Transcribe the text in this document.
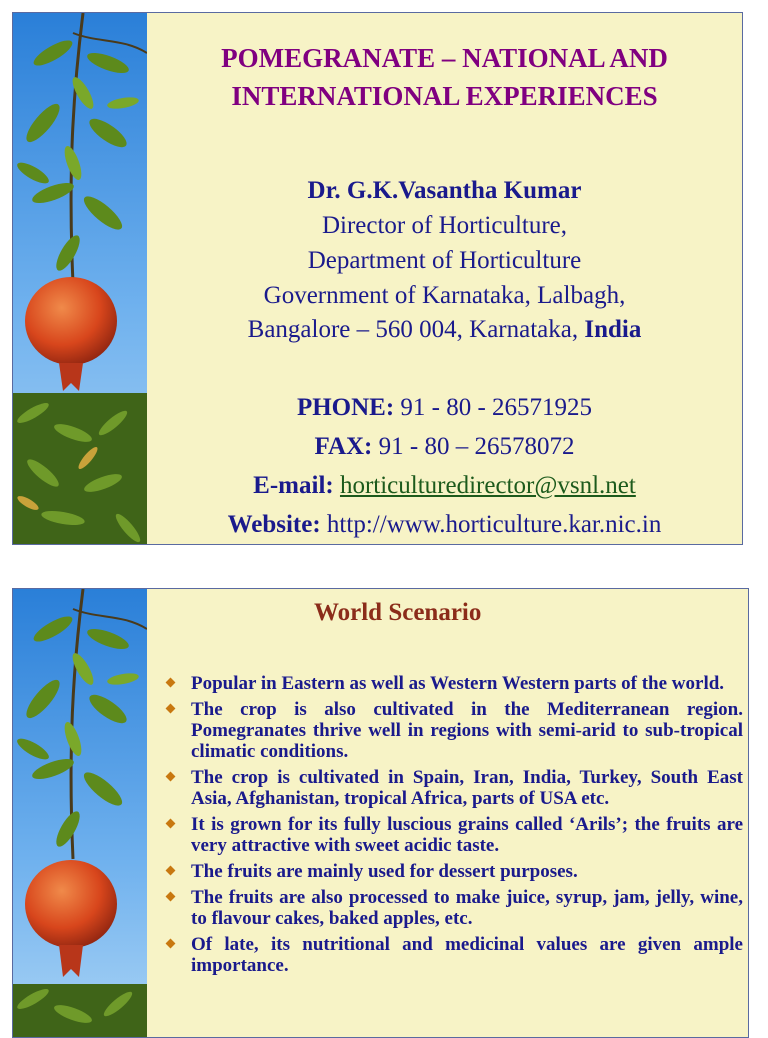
POMEGRANATE – NATIONAL AND
INTERNATIONAL EXPERIENCES
Dr. G.K.Vasantha Kumar
Director of Horticulture,
Department of Horticulture
Government of Karnataka, Lalbagh,
Bangalore – 560 004, Karnataka, India
PHONE: 91 - 80 - 26571925
FAX: 91 - 80 – 26578072
E-mail: horticulturedirector@vsnl.net
Website: http://www.horticulture.kar.nic.in
World Scenario
Popular in Eastern as well as Western Western parts of the world.
The crop is also cultivated in the Mediterranean region. Pomegranates thrive well in regions with semi-arid to sub-tropical climatic conditions.
The crop is cultivated in Spain, Iran, India, Turkey, South East Asia, Afghanistan, tropical Africa, parts of USA etc.
It is grown for its fully luscious grains called ‘Arils’; the fruits are very attractive with sweet acidic taste.
The fruits are mainly used for dessert purposes.
The fruits are also processed to make juice, syrup, jam, jelly, wine, to flavour cakes, baked apples, etc.
Of late, its nutritional and medicinal values are given ample importance.
